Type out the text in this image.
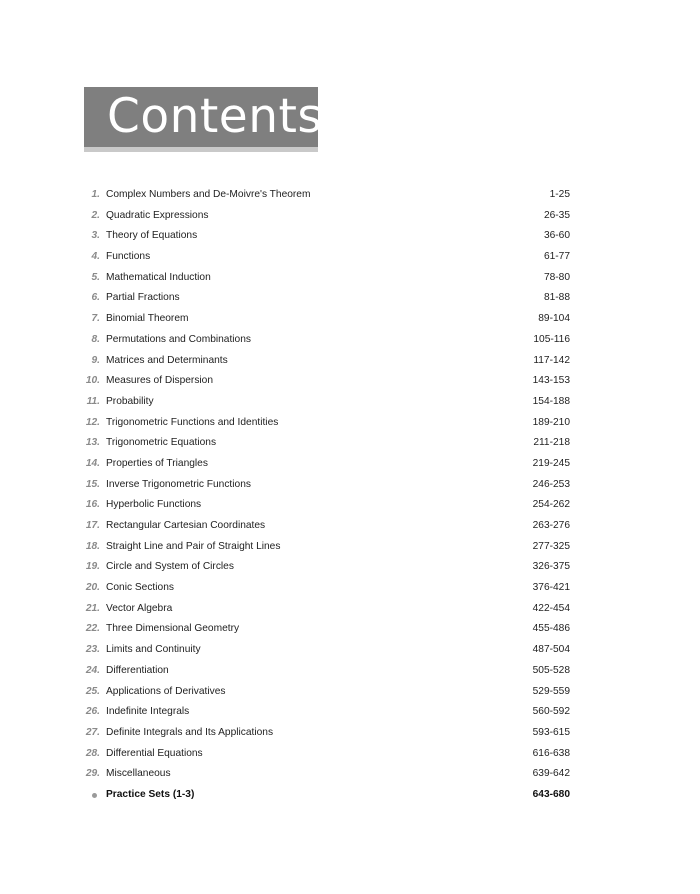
Contents
1. Complex Numbers and De-Moivre's Theorem	1-25
2. Quadratic Expressions	26-35
3. Theory of Equations	36-60
4. Functions	61-77
5. Mathematical Induction	78-80
6. Partial Fractions	81-88
7. Binomial Theorem	89-104
8. Permutations and Combinations	105-116
9. Matrices and Determinants	117-142
10. Measures of Dispersion	143-153
11. Probability	154-188
12. Trigonometric Functions and Identities	189-210
13. Trigonometric Equations	211-218
14. Properties of Triangles	219-245
15. Inverse Trigonometric Functions	246-253
16. Hyperbolic Functions	254-262
17. Rectangular Cartesian Coordinates	263-276
18. Straight Line and Pair of Straight Lines	277-325
19. Circle and System of Circles	326-375
20. Conic Sections	376-421
21. Vector Algebra	422-454
22. Three Dimensional Geometry	455-486
23. Limits and Continuity	487-504
24. Differentiation	505-528
25. Applications of Derivatives	529-559
26. Indefinite Integrals	560-592
27. Definite Integrals and Its Applications	593-615
28. Differential Equations	616-638
29. Miscellaneous	639-642
Practice Sets (1-3)	643-680
